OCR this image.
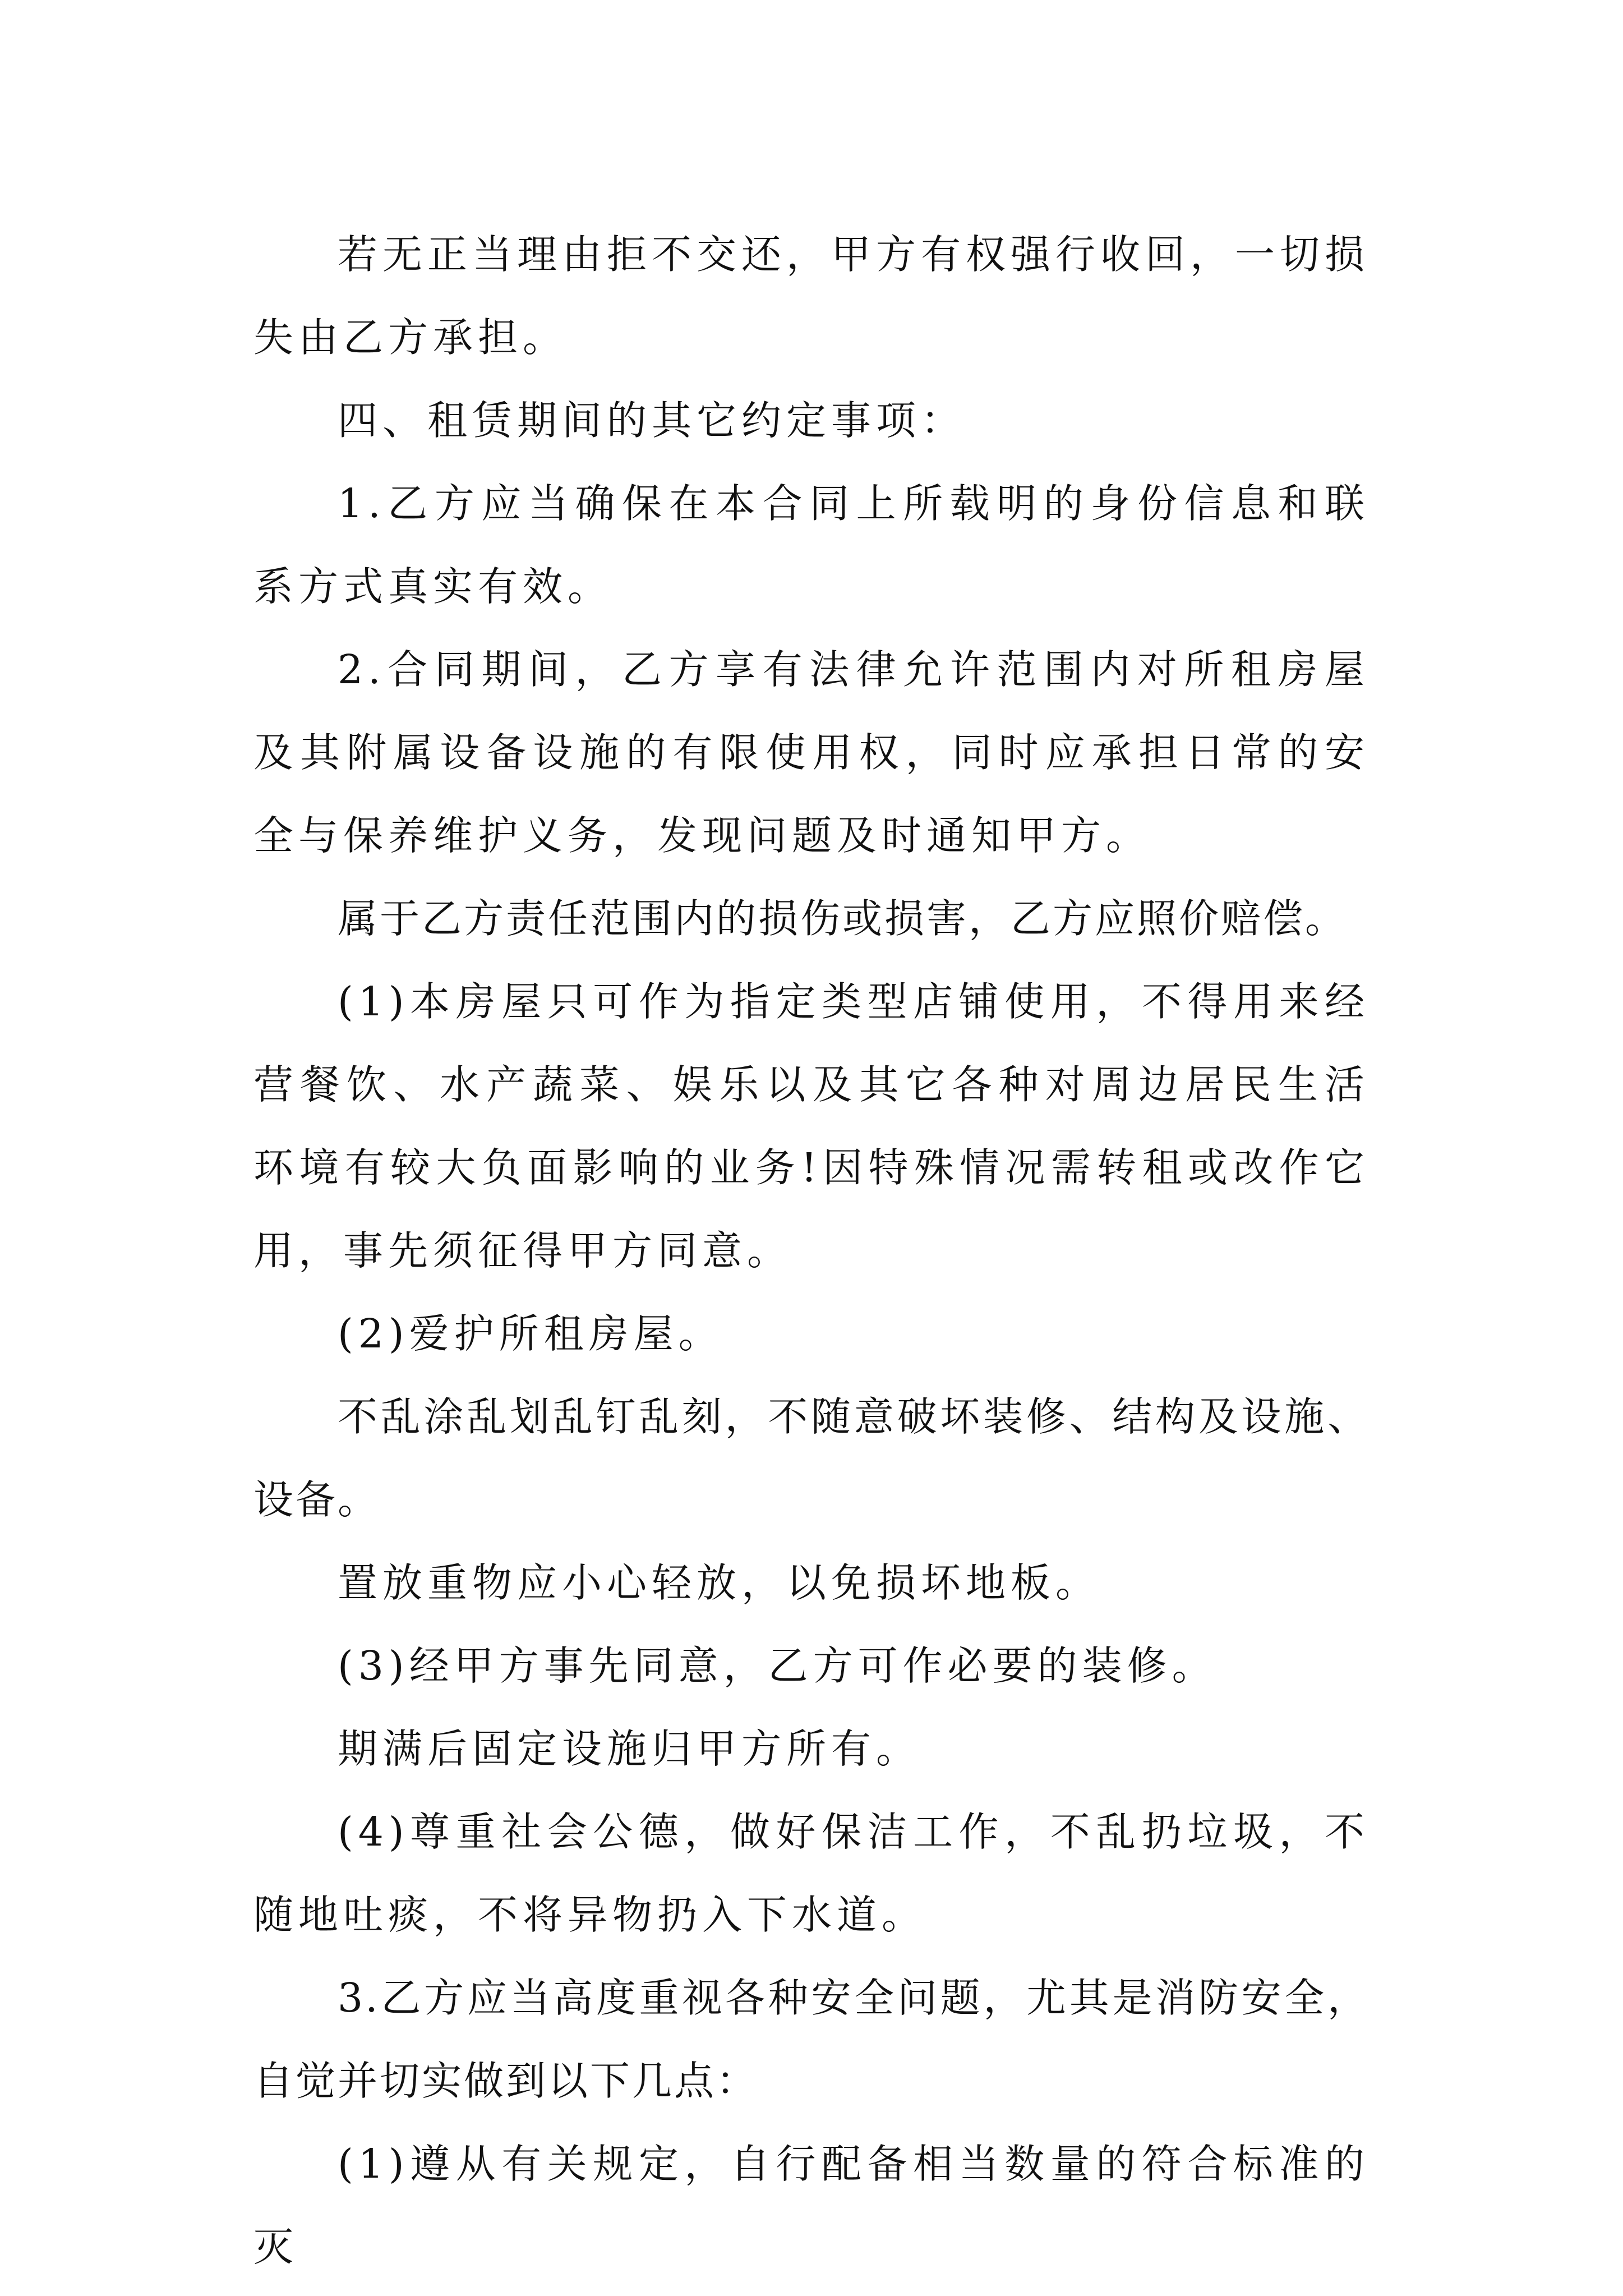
若无正当理由拒不交还，甲方有权强行收回，一切损失由乙方承担。

四、租赁期间的其它约定事项：

1.乙方应当确保在本合同上所载明的身份信息和联系方式真实有效。

2.合同期间，乙方享有法律允许范围内对所租房屋及其附属设备设施的有限使用权，同时应承担日常的安全与保养维护义务，发现问题及时通知甲方。

属于乙方责任范围内的损伤或损害，乙方应照价赔偿。

(1)本房屋只可作为指定类型店铺使用，不得用来经营餐饮、水产蔬菜、娱乐以及其它各种对周边居民生活环境有较大负面影响的业务!因特殊情况需转租或改作它用，事先须征得甲方同意。

(2)爱护所租房屋。

不乱涂乱划乱钉乱刻，不随意破坏装修、结构及设施、设备。

置放重物应小心轻放，以免损坏地板。

(3)经甲方事先同意，乙方可作必要的装修。

期满后固定设施归甲方所有。

(4)尊重社会公德，做好保洁工作，不乱扔垃圾，不随地吐痰，不将异物扔入下水道。

3.乙方应当高度重视各种安全问题，尤其是消防安全，自觉并切实做到以下几点：

(1)遵从有关规定，自行配备相当数量的符合标准的灭
